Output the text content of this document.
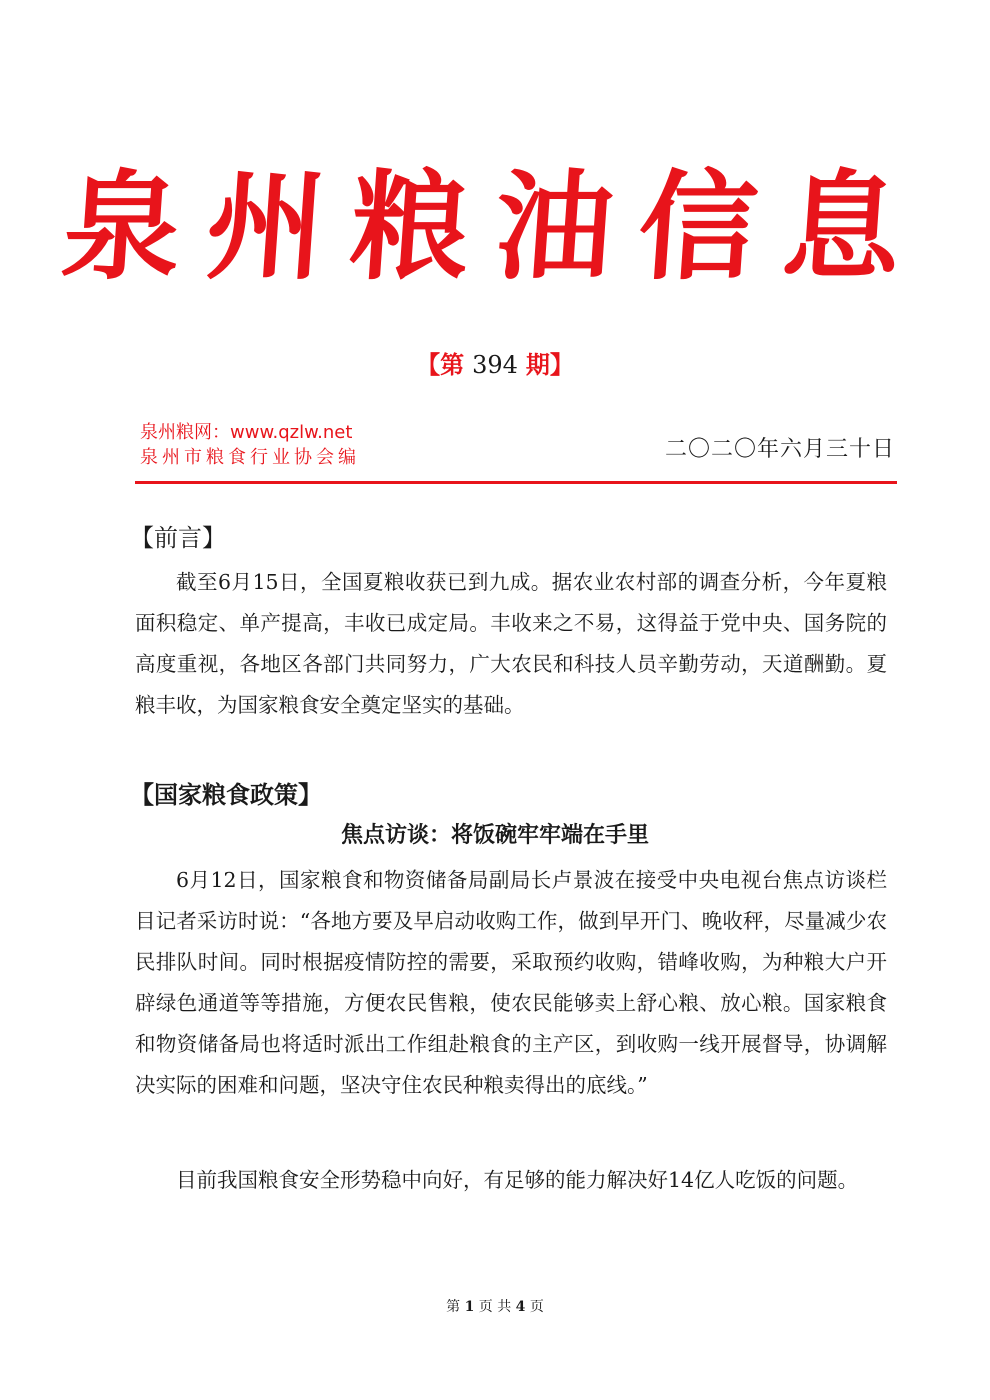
泉州粮油信息
【第 394 期】
泉州粮网：www.qzlw.net
泉州市粮食行业协会编	二〇二〇年六月三十日
【前言】
截至6月15日，全国夏粮收获已到九成。据农业农村部的调查分析，今年夏粮面积稳定、单产提高，丰收已成定局。丰收来之不易，这得益于党中央、国务院的高度重视，各地区各部门共同努力，广大农民和科技人员辛勤劳动，天道酬勤。夏粮丰收，为国家粮食安全奠定坚实的基础。
【国家粮食政策】
焦点访谈：将饭碗牢牢端在手里
6月12日，国家粮食和物资储备局副局长卢景波在接受中央电视台焦点访谈栏目记者采访时说：“各地方要及早启动收购工作，做到早开门、晚收秤，尽量减少农民排队时间。同时根据疫情防控的需要，采取预约收购，错峰收购，为种粮大户开辟绿色通道等等措施，方便农民售粮，使农民能够卖上舒心粮、放心粮。国家粮食和物资储备局也将适时派出工作组赴粮食的主产区，到收购一线开展督导，协调解决实际的困难和问题，坚决守住农民种粮卖得出的底线。”
目前我国粮食安全形势稳中向好，有足够的能力解决好14亿人吃饭的问题。
第 1 页 共 4 页
